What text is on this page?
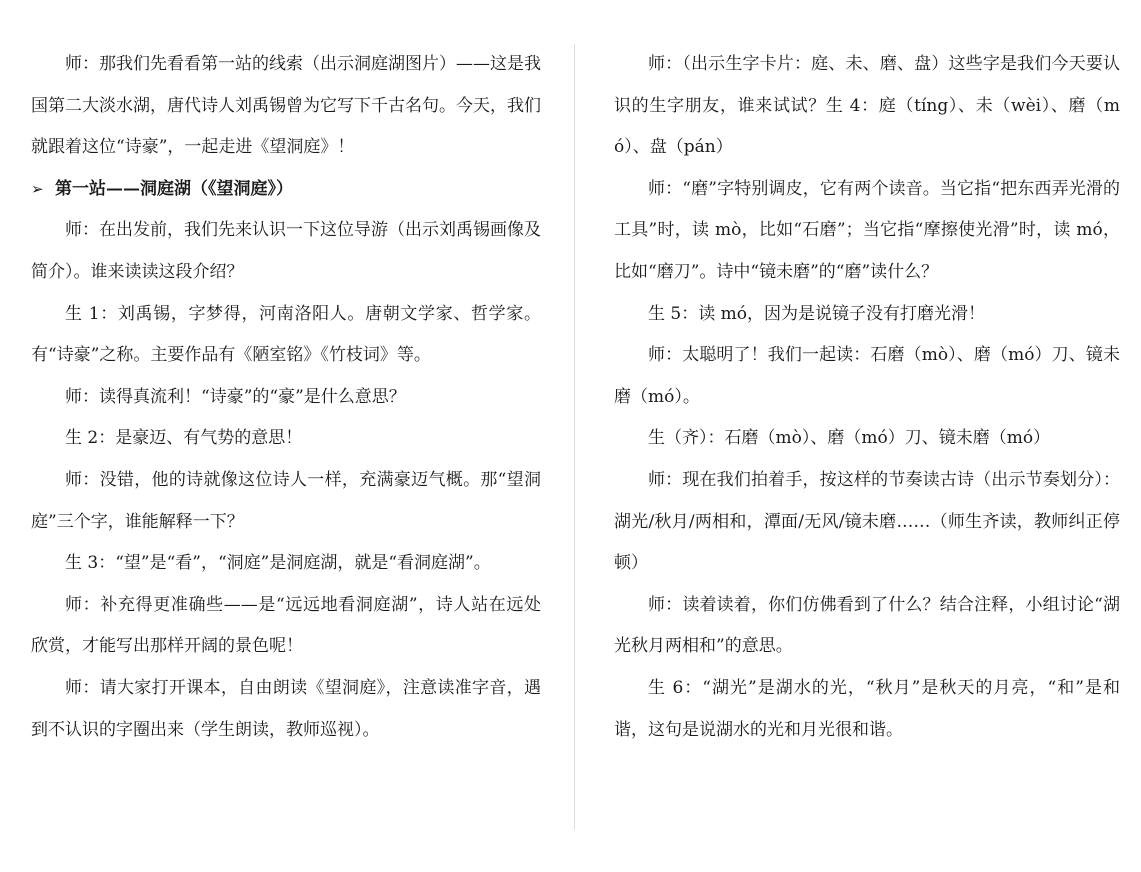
师：那我们先看看第一站的线索（出示洞庭湖图片）——这是我国第二大淡水湖，唐代诗人刘禹锡曾为它写下千古名句。今天，我们就跟着这位“诗豪”，一起走进《望洞庭》！

➢ 第一站——洞庭湖（《望洞庭》）

师：在出发前，我们先来认识一下这位导游（出示刘禹锡画像及简介）。谁来读读这段介绍？

生 1：刘禹锡，字梦得，河南洛阳人。唐朝文学家、哲学家。有“诗豪”之称。主要作品有《陋室铭》《竹枝词》等。

师：读得真流利！“诗豪”的“豪”是什么意思？

生 2：是豪迈、有气势的意思！

师：没错，他的诗就像这位诗人一样，充满豪迈气概。那“望洞庭”三个字，谁能解释一下？

生 3：“望”是“看”，“洞庭”是洞庭湖，就是“看洞庭湖”。

师：补充得更准确些——是“远远地看洞庭湖”，诗人站在远处欣赏，才能写出那样开阔的景色呢！

师：请大家打开课本，自由朗读《望洞庭》，注意读准字音，遇到不认识的字圈出来（学生朗读，教师巡视）。

师：（出示生字卡片：庭、未、磨、盘）这些字是我们今天要认识的生字朋友，谁来试试？生 4：庭（tíng）、未（wèi）、磨（mó）、盘（pán）

师：“磨”字特别调皮，它有两个读音。当它指“把东西弄光滑的工具”时，读 mò，比如“石磨”；当它指“摩擦使光滑”时，读 mó，比如“磨刀”。诗中“镜未磨”的“磨”读什么？

生 5：读 mó，因为是说镜子没有打磨光滑！

师：太聪明了！我们一起读：石磨（mò）、磨（mó）刀、镜未磨（mó）。

生（齐）：石磨（mò）、磨（mó）刀、镜未磨（mó）

师：现在我们拍着手，按这样的节奏读古诗（出示节奏划分）：湖光/秋月/两相和，潭面/无风/镜未磨……（师生齐读，教师纠正停顿）

师：读着读着，你们仿佛看到了什么？结合注释，小组讨论“湖光秋月两相和”的意思。

生 6：“湖光”是湖水的光，“秋月”是秋天的月亮，“和”是和谐，这句是说湖水的光和月光很和谐。
